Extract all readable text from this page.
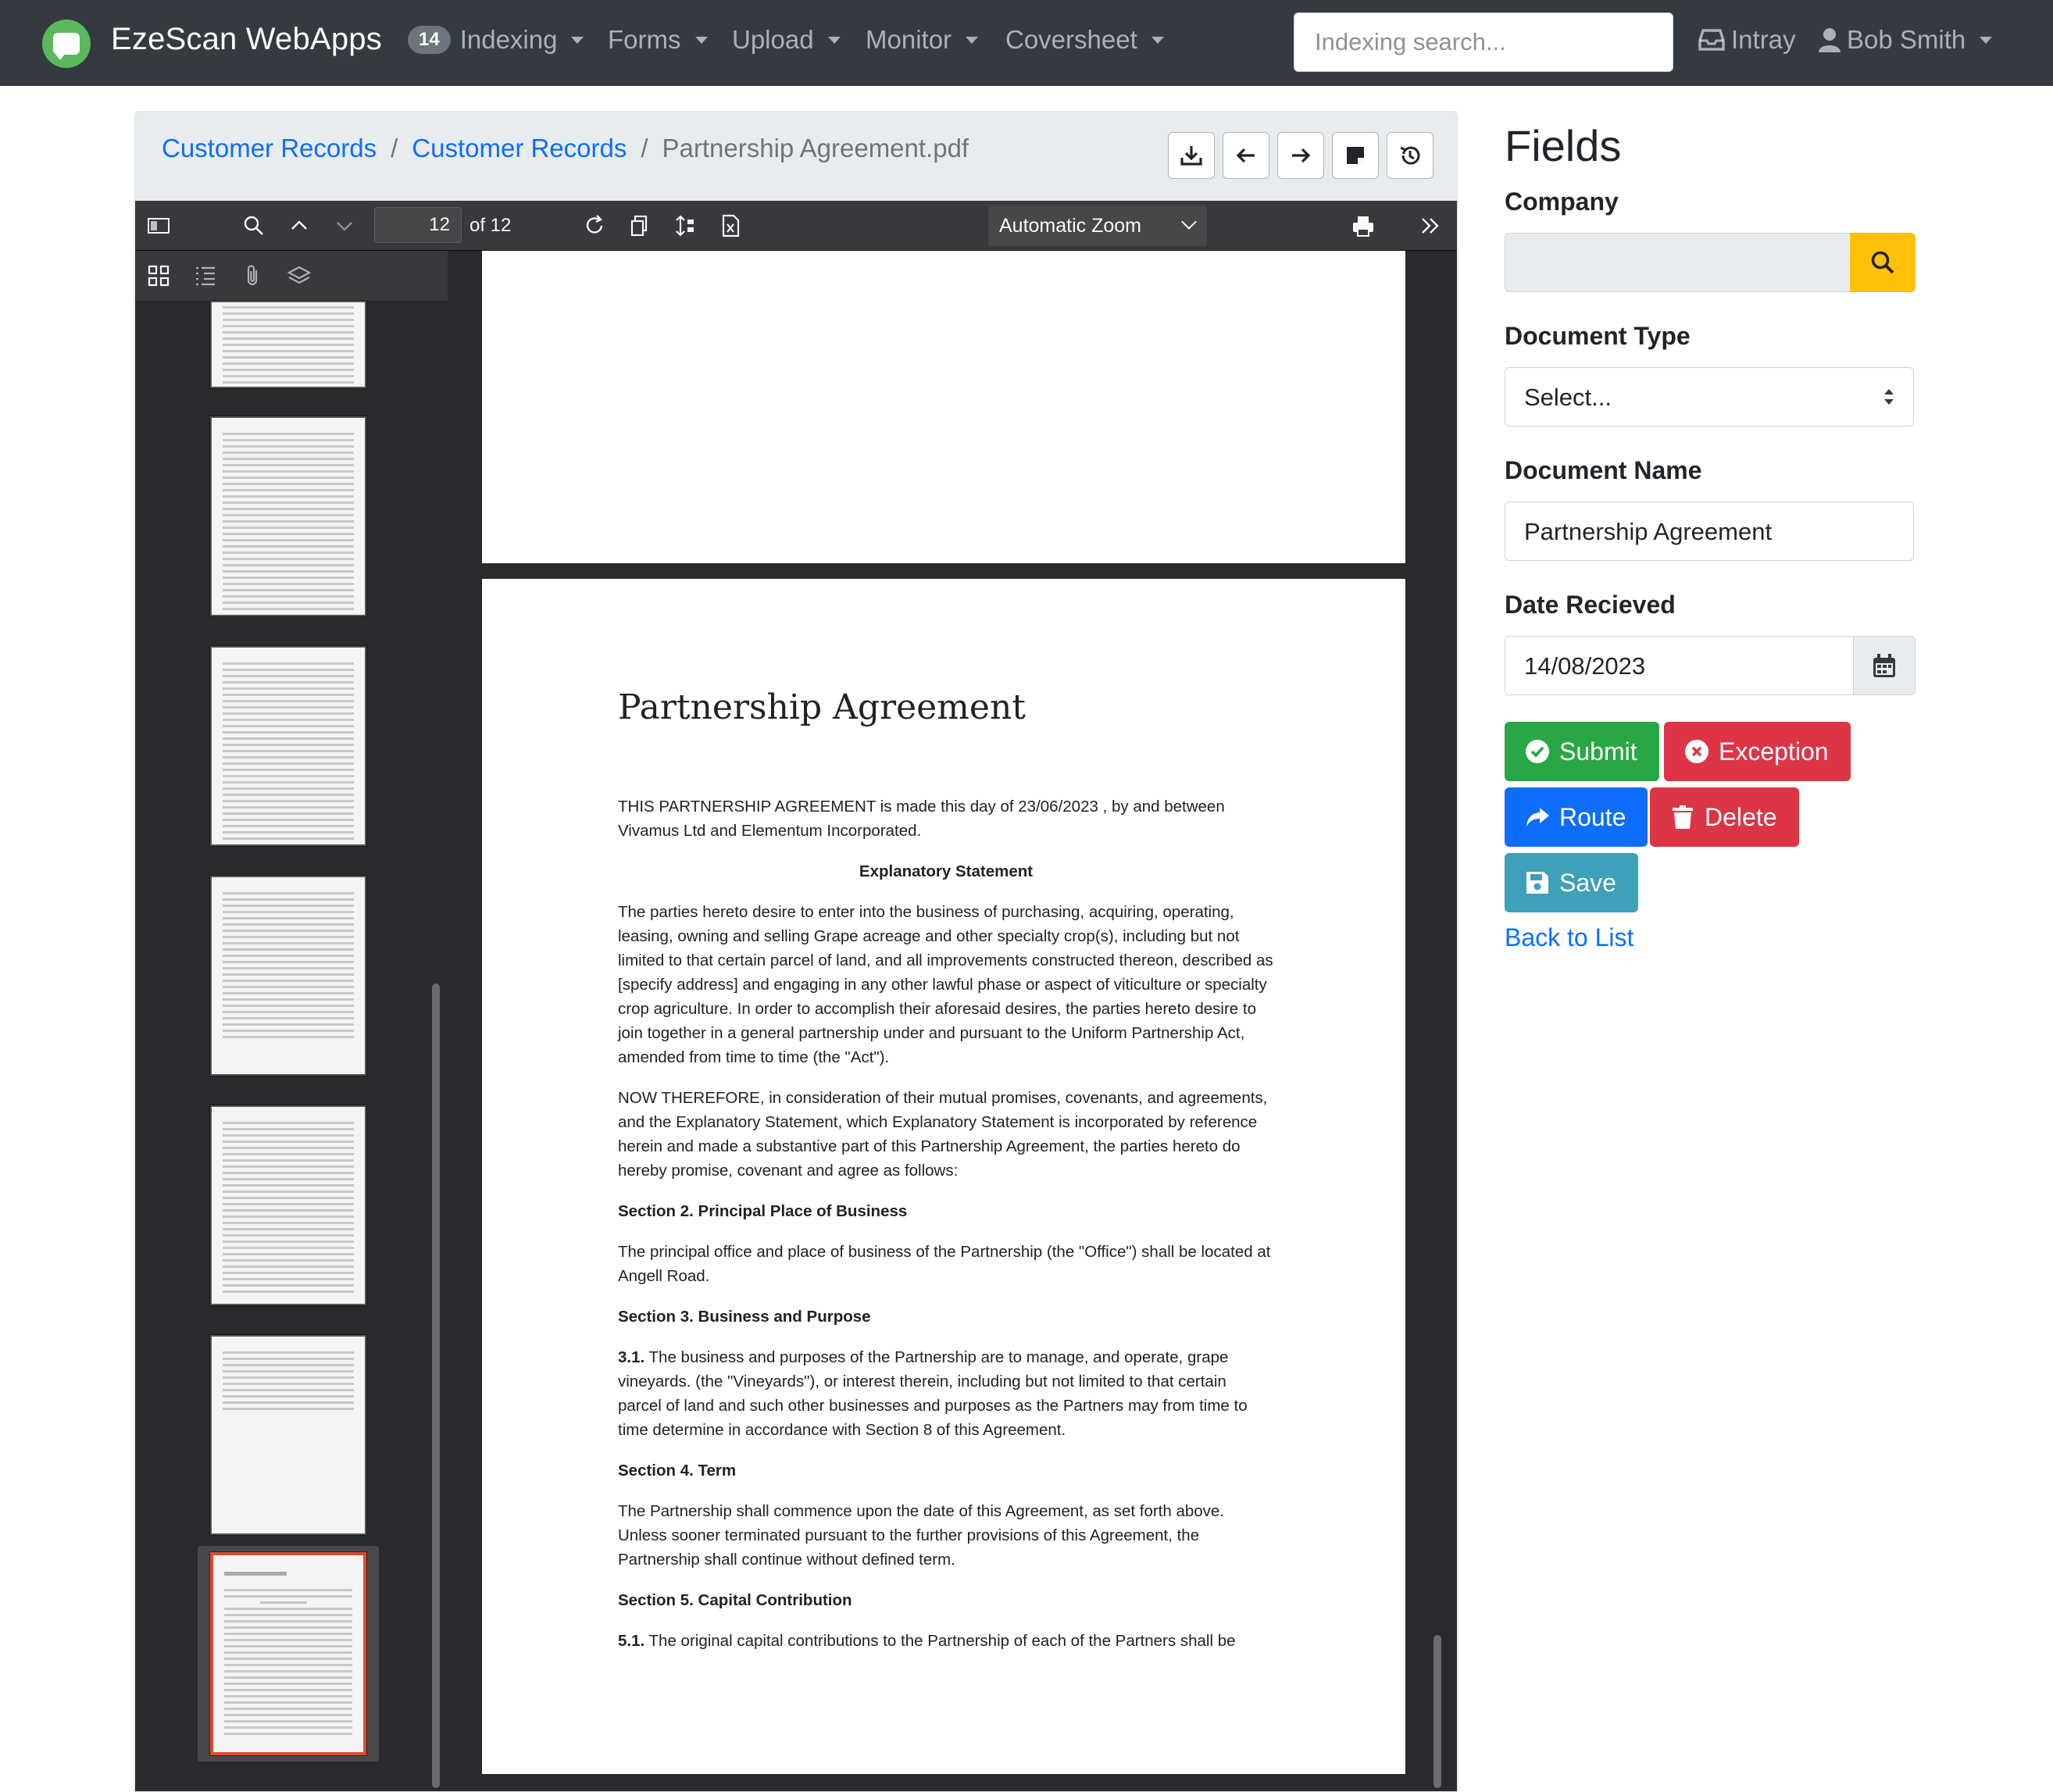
EzeScan WebApps	14 Indexing Forms Upload Monitor Coversheet	Indexing search...	Intray Bob Smith
Customer Records / Customer Records / Partnership Agreement.pdf
12	of 12	Automatic Zoom
Partnership Agreement

THIS PARTNERSHIP AGREEMENT is made this day of 23/06/2023 , by and between Vivamus Ltd and Elementum Incorporated.

Explanatory Statement

The parties hereto desire to enter into the business of purchasing, acquiring, operating, leasing, owning and selling Grape acreage and other specialty crop(s), including but not limited to that certain parcel of land, and all improvements constructed thereon, described as [specify address] and engaging in any other lawful phase or aspect of viticulture or specialty crop agriculture. In order to accomplish their aforesaid desires, the parties hereto desire to join together in a general partnership under and pursuant to the Uniform Partnership Act, amended from time to time (the "Act").

NOW THEREFORE, in consideration of their mutual promises, covenants, and agreements, and the Explanatory Statement, which Explanatory Statement is incorporated by reference herein and made a substantive part of this Partnership Agreement, the parties hereto do hereby promise, covenant and agree as follows:

Section 2. Principal Place of Business

The principal office and place of business of the Partnership (the "Office") shall be located at Angell Road.

Section 3. Business and Purpose

3.1. The business and purposes of the Partnership are to manage, and operate, grape vineyards. (the "Vineyards"), or interest therein, including but not limited to that certain parcel of land and such other businesses and purposes as the Partners may from time to time determine in accordance with Section 8 of this Agreement.

Section 4. Term

The Partnership shall commence upon the date of this Agreement, as set forth above. Unless sooner terminated pursuant to the further provisions of this Agreement, the Partnership shall continue without defined term.

Section 5. Capital Contribution

5.1. The original capital contributions to the Partnership of each of the Partners shall be

Fields
Company
Document Type
Select...
Document Name
Partnership Agreement
Date Recieved
14/08/2023
Submit	Exception
Route	Delete
Save
Back to List
